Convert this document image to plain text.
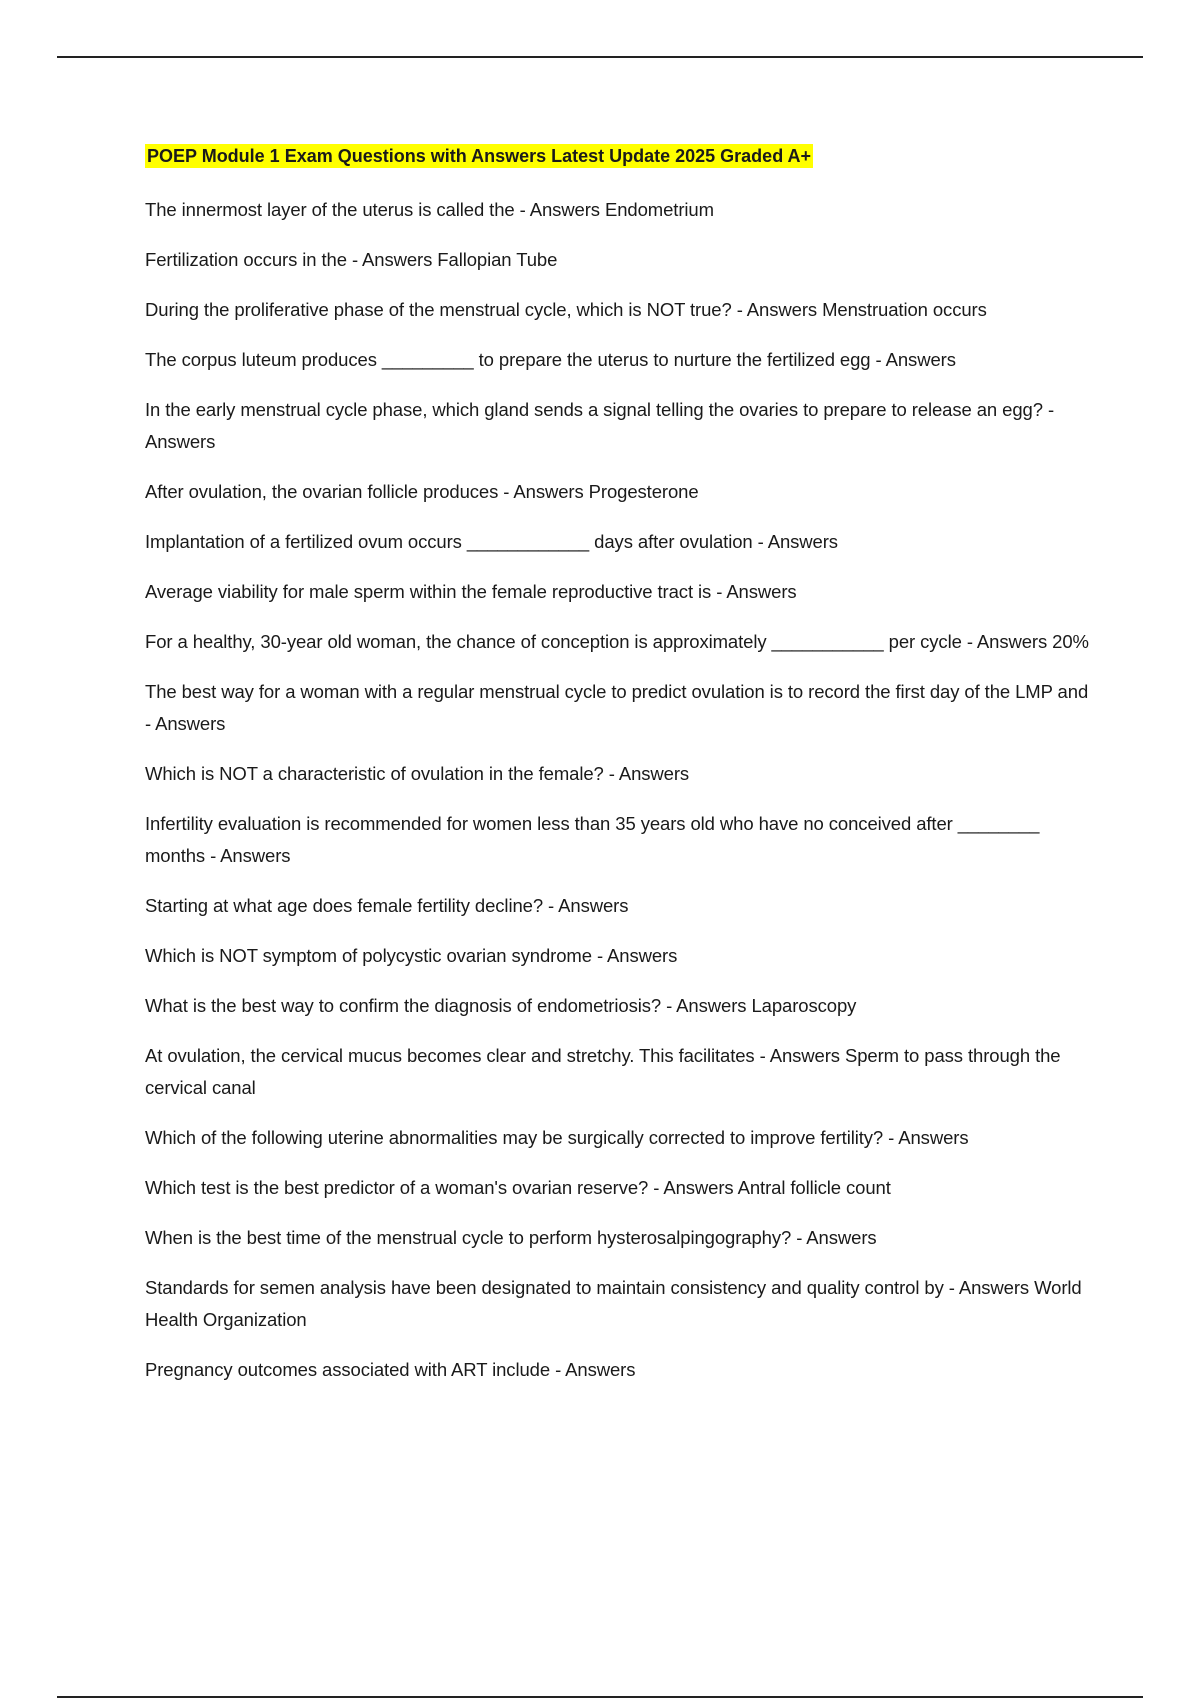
POEP Module 1 Exam Questions with Answers Latest Update 2025 Graded A+
The innermost layer of the uterus is called the - Answers Endometrium
Fertilization occurs in the - Answers Fallopian Tube
During the proliferative phase of the menstrual cycle, which is NOT true? - Answers Menstruation occurs
The corpus luteum produces _________ to prepare the uterus to nurture the fertilized egg - Answers
In the early menstrual cycle phase, which gland sends a signal telling the ovaries to prepare to release an egg? - Answers
After ovulation, the ovarian follicle produces - Answers Progesterone
Implantation of a fertilized ovum occurs ____________ days after ovulation - Answers
Average viability for male sperm within the female reproductive tract is - Answers
For a healthy, 30-year old woman, the chance of conception is approximately ___________ per cycle - Answers 20%
The best way for a woman with a regular menstrual cycle to predict ovulation is to record the first day of the LMP and - Answers
Which is NOT a characteristic of ovulation in the female? - Answers
Infertility evaluation is recommended for women less than 35 years old who have no conceived after ________ months - Answers
Starting at what age does female fertility decline? - Answers
Which is NOT symptom of polycystic ovarian syndrome - Answers
What is the best way to confirm the diagnosis of endometriosis? - Answers Laparoscopy
At ovulation, the cervical mucus becomes clear and stretchy. This facilitates - Answers Sperm to pass through the cervical canal
Which of the following uterine abnormalities may be surgically corrected to improve fertility? - Answers
Which test is the best predictor of a woman's ovarian reserve? - Answers Antral follicle count
When is the best time of the menstrual cycle to perform hysterosalpingography? - Answers
Standards for semen analysis have been designated to maintain consistency and quality control by - Answers World Health Organization
Pregnancy outcomes associated with ART include - Answers
